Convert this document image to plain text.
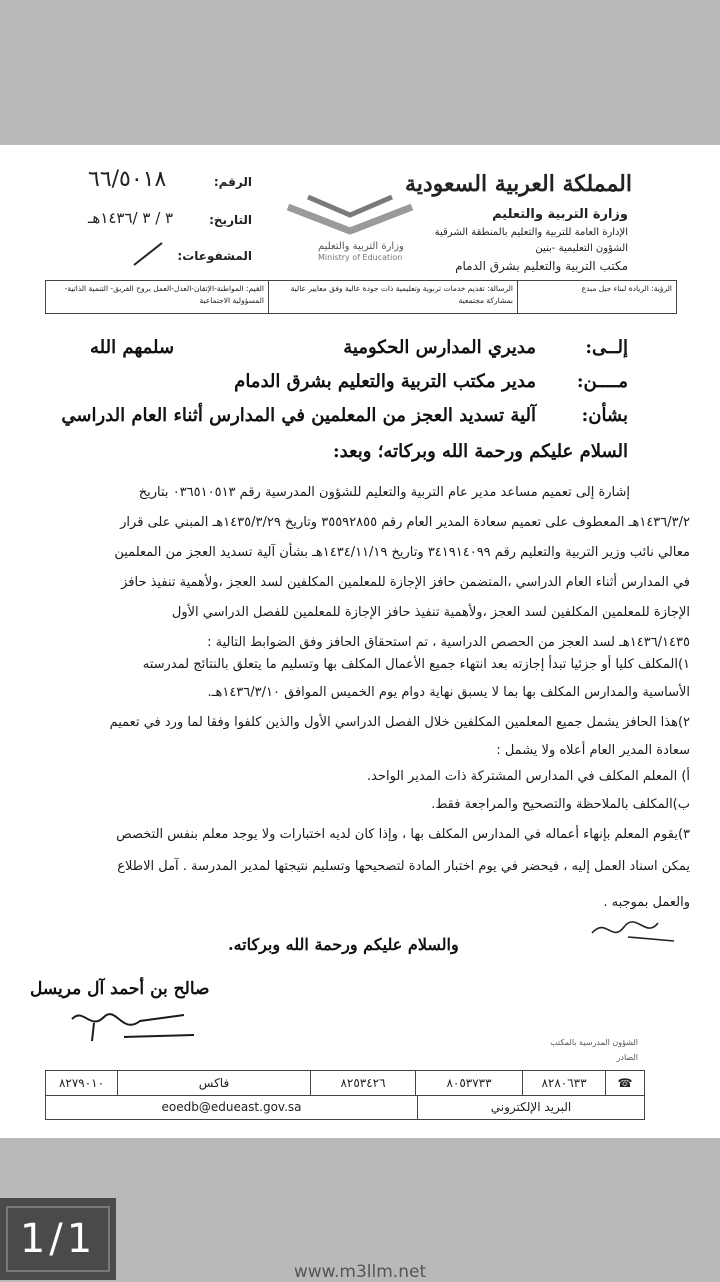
المملكة العربية السعودية
وزارة التربية والتعليم
الإدارة العامة للتربية والتعليم بالمنطقة الشرقية
الشؤون التعليمية -بنين
مكتب التربية والتعليم بشرق الدمام
وزارة التربية والتعليم
Ministry of Education
الرقم:
٦٦/٥٠١٨
التاريخ:
٣ / ٣ /١٤٣٦هـ
المشفوعات:
الرؤية: الريادة لبناء جيل مبدع
الرسالة: تقديم خدمات تربوية وتعليمية ذات جودة عالية وفق معايير عالية بمشاركة مجتمعية
القيم: المواطنة-الإتقان-العدل-العمل بروح الفريق- التنمية الذاتية-المسؤولية الاجتماعية
إلــى:
مديري المدارس الحكومية
سلمهم الله
مــــن:
مدير مكتب التربية والتعليم بشرق الدمام
بشأن:
آلية تسديد العجز من المعلمين في المدارس أثناء العام الدراسي
السلام عليكم ورحمة الله وبركاته؛ وبعد:
إشارة إلى تعميم مساعد مدير عام التربية والتعليم للشؤون المدرسية رقم ٠٣٦٥١٠٥١٣ بتاريخ
١٤٣٦/٣/٢هـ المعطوف على تعميم سعادة المدير العام رقم ٣٥٥٩٢٨٥٥ وتاريخ ١٤٣٥/٣/٢٩هـ المبني على قرار
معالي نائب وزير التربية والتعليم رقم ٣٤١٩١٤٠٩٩ وتاريخ ١٤٣٤/١١/١٩هـ بشأن آلية تسديد العجز من المعلمين
في المدارس أثناء العام الدراسي ،المتضمن حافز الإجازة للمعلمين المكلفين لسد العجز ،ولأهمية تنفيذ حافز
الإجازة للمعلمين المكلفين لسد العجز ،ولأهمية تنفيذ حافز الإجازة للمعلمين للفصل الدراسي الأول
١٤٣٦/١٤٣٥هـ لسد العجز من الحصص الدراسية ، تم استحقاق الحافز وفق الضوابط التالية :
١)المكلف كليا أو جزئيا تبدأ إجازته بعد انتهاء جميع الأعمال المكلف بها وتسليم ما يتعلق بالنتائج لمدرسته
الأساسية والمدارس المكلف بها بما لا يسبق نهاية دوام يوم الخميس الموافق ١٤٣٦/٣/١٠هـ.
٢)هذا الحافز يشمل جميع المعلمين المكلفين خلال الفصل الدراسي الأول والذين كلفوا وفقا لما ورد في تعميم
سعادة المدير العام أعلاه ولا يشمل :
أ) المعلم المكلف في المدارس المشتركة ذات المدير الواحد.
ب)المكلف بالملاحظة والتصحيح والمراجعة فقط.
٣)يقوم المعلم بإنهاء أعماله في المدارس المكلف بها ، وإذا كان لديه اختبارات ولا يوجد معلم بنفس التخصص
يمكن اسناد العمل إليه ، فيحضر في يوم اختبار المادة لتصحيحها وتسليم نتيجتها لمدير المدرسة . آمل الاطلاع
والعمل بموجبه .
والسلام عليكم ورحمة الله وبركاته.
صالح بن أحمد آل مريسل
الشؤون المدرسية بالمكتب
الصادر
☎
٨٢٨٠٦٣٣
٨٠٥٣٧٣٣
٨٢٥٣٤٢٦
فاكس
٨٢٧٩٠١٠
البريد الإلكتروني
eoedb@edueast.gov.sa
1/1
www.m3llm.net
